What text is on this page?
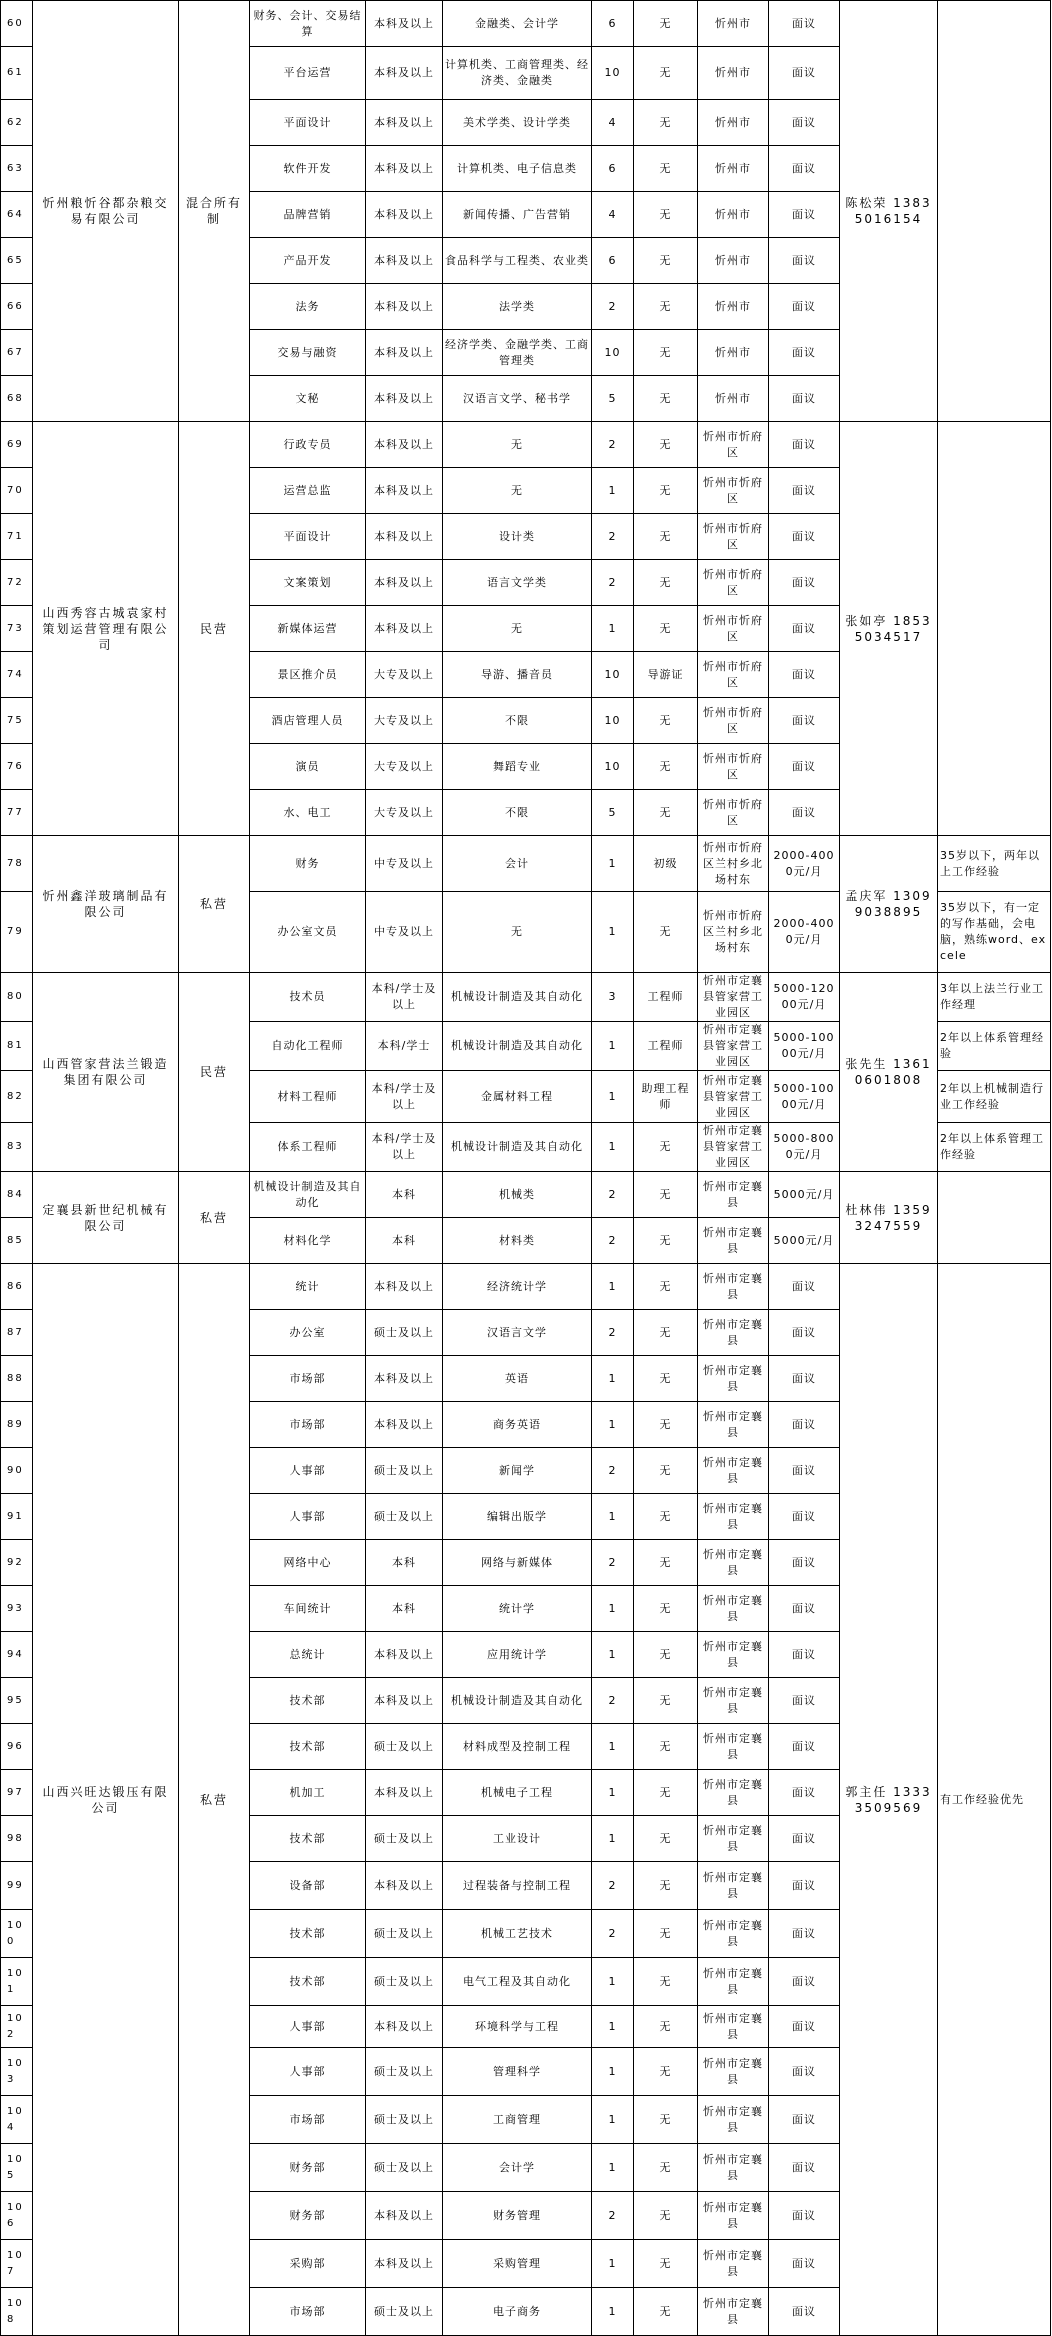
60	忻州粮忻谷都杂粮交易有限公司	混合所有制	财务、会计、交易结算	本科及以上	金融类、会计学	6	无	忻州市	面议	陈松荣 13835016154	
61			平台运营	本科及以上	计算机类、工商管理类、经济类、金融类	10	无	忻州市	面议		
62			平面设计	本科及以上	美术学类、设计学类	4	无	忻州市	面议		
63			软件开发	本科及以上	计算机类、电子信息类	6	无	忻州市	面议		
64			品牌营销	本科及以上	新闻传播、广告营销	4	无	忻州市	面议		
65			产品开发	本科及以上	食品科学与工程类、农业类	6	无	忻州市	面议		
66			法务	本科及以上	法学类	2	无	忻州市	面议		
67			交易与融资	本科及以上	经济学类、金融学类、工商管理类	10	无	忻州市	面议		
68			文秘	本科及以上	汉语言文学、秘书学	5	无	忻州市	面议		
69	山西秀容古城袁家村策划运营管理有限公司	民营	行政专员	本科及以上	无	2	无	忻州市忻府区	面议	张如亭 18535034517	
70			运营总监	本科及以上	无	1	无	忻州市忻府区	面议		
71			平面设计	本科及以上	设计类	2	无	忻州市忻府区	面议		
72			文案策划	本科及以上	语言文学类	2	无	忻州市忻府区	面议		
73			新媒体运营	本科及以上	无	1	无	忻州市忻府区	面议		
74			景区推介员	大专及以上	导游、播音员	10	导游证	忻州市忻府区	面议		
75			酒店管理人员	大专及以上	不限	10	无	忻州市忻府区	面议		
76			演员	大专及以上	舞蹈专业	10	无	忻州市忻府区	面议		
77			水、电工	大专及以上	不限	5	无	忻州市忻府区	面议		
78	忻州鑫洋玻璃制品有限公司	私营	财务	中专及以上	会计	1	初级	忻州市忻府区兰村乡北场村东	2000-4000元/月	孟庆军 13099038895	35岁以下，两年以上工作经验
79			办公室文员	中专及以上	无	1	无	忻州市忻府区兰村乡北场村东	2000-4000元/月		35岁以下，有一定的写作基础，会电脑，熟练word、excele
80	山西管家营法兰锻造集团有限公司	民营	技术员	本科/学士及以上	机械设计制造及其自动化	3	工程师	忻州市定襄县管家营工业园区	5000-12000元/月	张先生 13610601808	3年以上法兰行业工作经理
81			自动化工程师	本科/学士	机械设计制造及其自动化	1	工程师	忻州市定襄县管家营工业园区	5000-10000元/月		2年以上体系管理经验
82			材料工程师	本科/学士及以上	金属材料工程	1	助理工程师	忻州市定襄县管家营工业园区	5000-10000元/月		2年以上机械制造行业工作经验
83			体系工程师	本科/学士及以上	机械设计制造及其自动化	1	无	忻州市定襄县管家营工业园区	5000-8000元/月		2年以上体系管理工作经验
84	定襄县新世纪机械有限公司	私营	机械设计制造及其自动化	本科	机械类	2	无	忻州市定襄县	5000元/月	杜林伟 13593247559	
85			材料化学	本科	材料类	2	无	忻州市定襄县	5000元/月		
86	山西兴旺达锻压有限公司	私营	统计	本科及以上	经济统计学	1	无	忻州市定襄县	面议	郭主任 13333509569	有工作经验优先
87			办公室	硕士及以上	汉语言文学	2	无	忻州市定襄县	面议		
88			市场部	本科及以上	英语	1	无	忻州市定襄县	面议		
89			市场部	本科及以上	商务英语	1	无	忻州市定襄县	面议		
90			人事部	硕士及以上	新闻学	2	无	忻州市定襄县	面议		
91			人事部	硕士及以上	编辑出版学	1	无	忻州市定襄县	面议		
92			网络中心	本科	网络与新媒体	2	无	忻州市定襄县	面议		
93			车间统计	本科	统计学	1	无	忻州市定襄县	面议		
94			总统计	本科及以上	应用统计学	1	无	忻州市定襄县	面议		
95			技术部	本科及以上	机械设计制造及其自动化	2	无	忻州市定襄县	面议		
96			技术部	硕士及以上	材料成型及控制工程	1	无	忻州市定襄县	面议		
97			机加工	本科及以上	机械电子工程	1	无	忻州市定襄县	面议		
98			技术部	硕士及以上	工业设计	1	无	忻州市定襄县	面议		
99			设备部	本科及以上	过程装备与控制工程	2	无	忻州市定襄县	面议		
100			技术部	硕士及以上	机械工艺技术	2	无	忻州市定襄县	面议		
101			技术部	硕士及以上	电气工程及其自动化	1	无	忻州市定襄县	面议		
102			人事部	本科及以上	环境科学与工程	1	无	忻州市定襄县	面议		
103			人事部	硕士及以上	管理科学	1	无	忻州市定襄县	面议		
104			市场部	硕士及以上	工商管理	1	无	忻州市定襄县	面议		
105			财务部	硕士及以上	会计学	1	无	忻州市定襄县	面议		
106			财务部	本科及以上	财务管理	2	无	忻州市定襄县	面议		
107			采购部	本科及以上	采购管理	1	无	忻州市定襄县	面议		
108			市场部	硕士及以上	电子商务	1	无	忻州市定襄县	面议		
